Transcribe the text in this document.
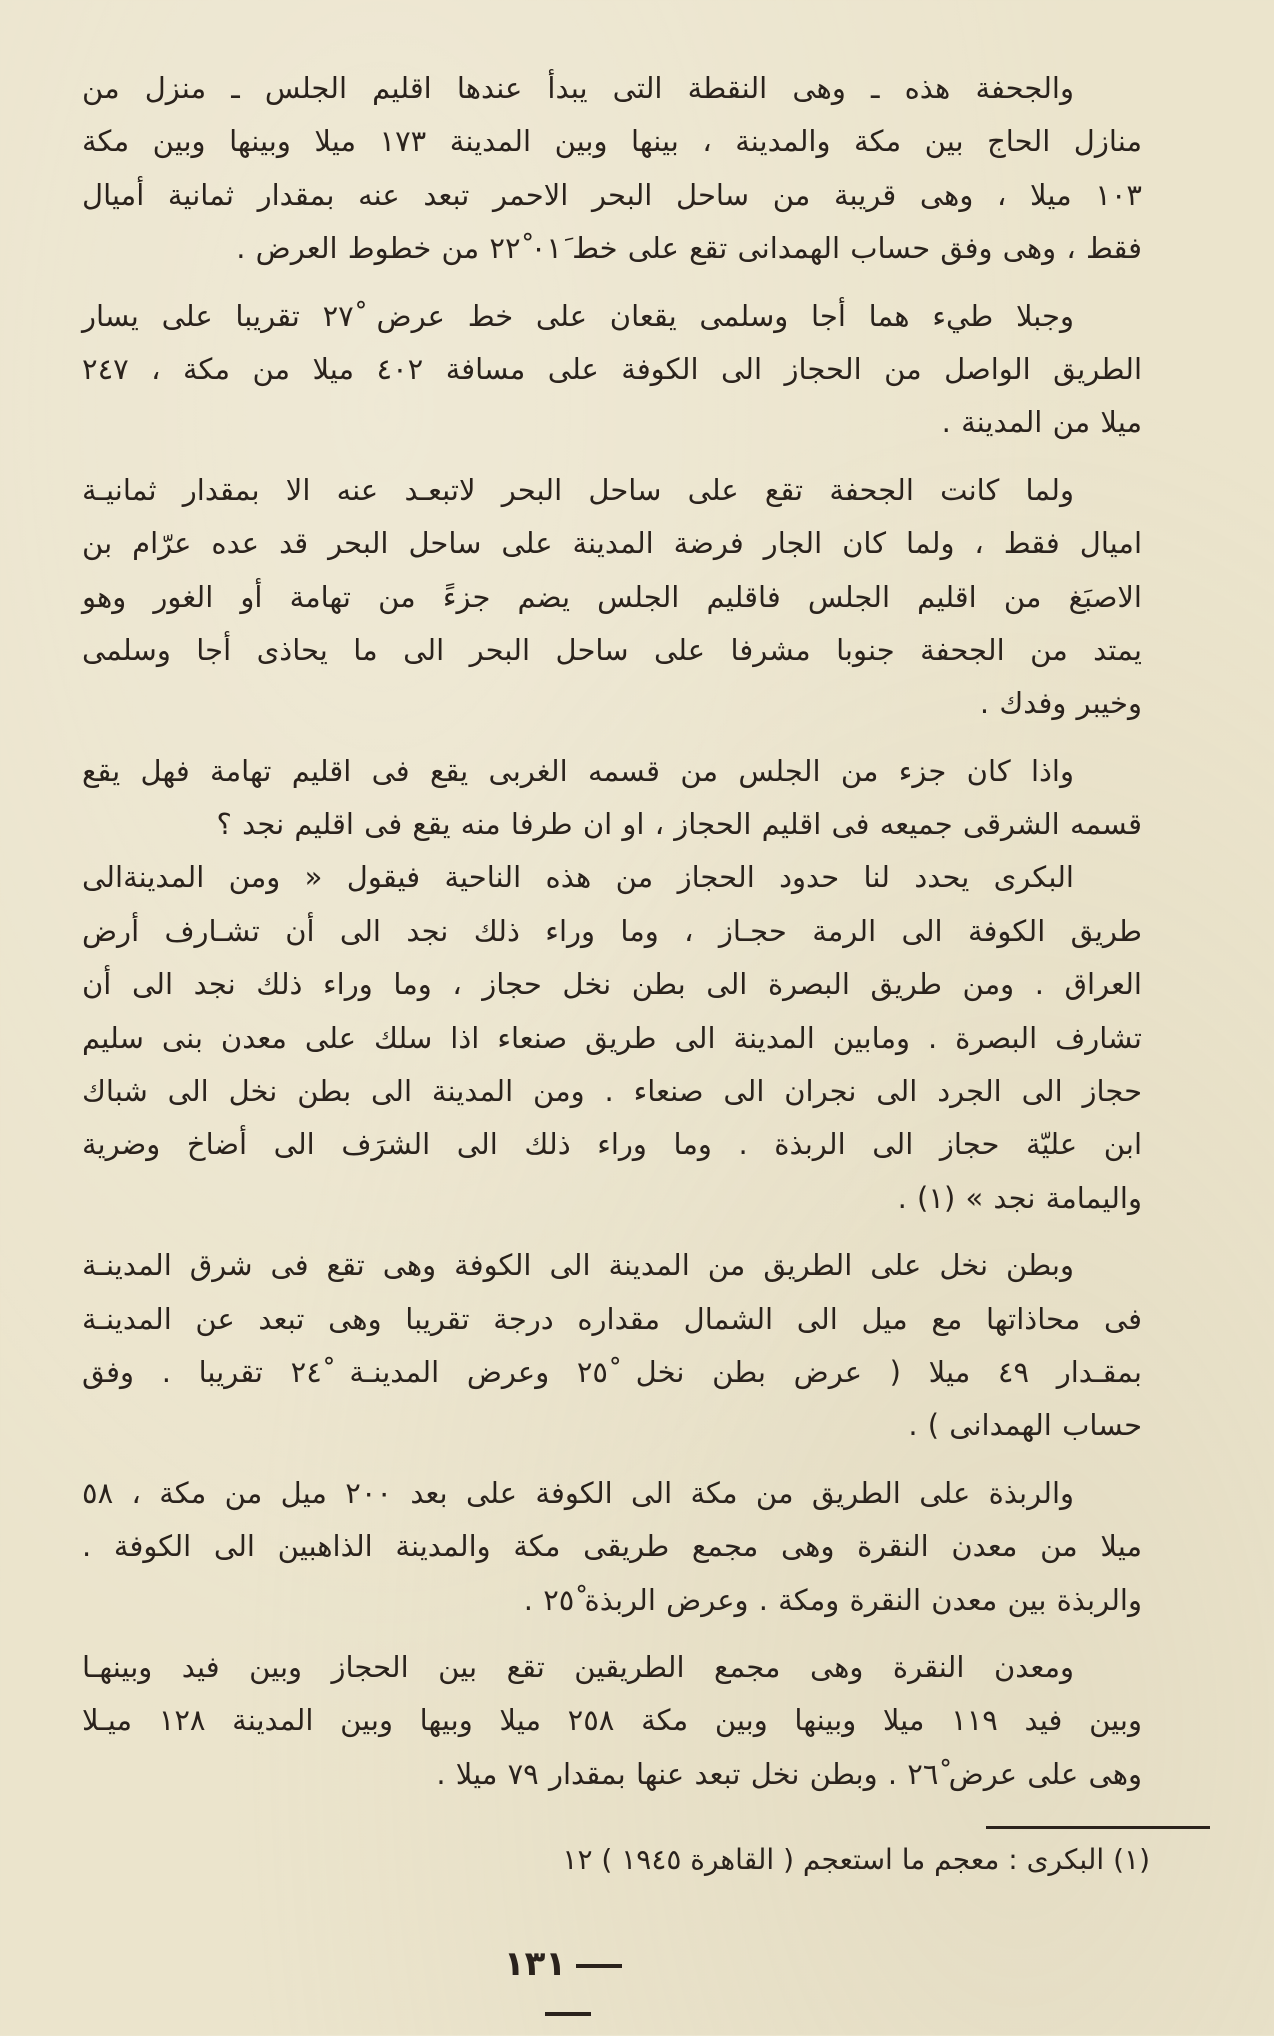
والجحفة هذه ـ وهى النقطة التى يبدأ عندها اقليم الجلس ـ منزل من
منازل الحاج بين مكة والمدينة ، بينها وبين المدينة ١٧٣ ميلا وبينها وبين مكة
١٠٣ ميلا ، وهى قريبة من ساحل البحر الاحمر تبعد عنه بمقدار ثمانية أميال
فقط ، وهى وفق حساب الهمدانى تقع على خط ٠١َ ٢٢ْ من خطوط العرض .

وجبلا طيء هما أجا وسلمى يقعان على خط عرض ٢٧ْ تقريبا على يسار
الطريق الواصل من الحجاز الى الكوفة على مسافة ٤٠٢ ميلا من مكة ، ٢٤٧
ميلا من المدينة .

ولما كانت الجحفة تقع على ساحل البحر لاتبعـد عنه الا بمقدار ثمانيـة
اميال فقط ، ولما كان الجار فرضة المدينة على ساحل البحر قد عده عرّام بن
الاصبَغ من اقليم الجلس فاقليم الجلس يضم جزءً من تهامة أو الغور وهو
يمتد من الجحفة جنوبا مشرفا على ساحل البحر الى ما يحاذى أجا وسلمى
وخيبر وفدك .

واذا كان جزء من الجلس من قسمه الغربى يقع فى اقليم تهامة فهل يقع
قسمه الشرقى جميعه فى اقليم الحجاز ، او ان طرفا منه يقع فى اقليم نجد ؟

البكرى يحدد لنا حدود الحجاز من هذه الناحية فيقول « ومن المدينةالى
طريق الكوفة الى الرمة حجـاز ، وما وراء ذلك نجد الى أن تشـارف أرض
العراق . ومن طريق البصرة الى بطن نخل حجاز ، وما وراء ذلك نجد الى أن
تشارف البصرة . ومابين المدينة الى طريق صنعاء اذا سلك على معدن بنى سليم
حجاز الى الجرد الى نجران الى صنعاء . ومن المدينة الى بطن نخل الى شباك
ابن عليّة حجاز الى الربذة . وما وراء ذلك الى الشرَف الى أضاخ وضرية
واليمامة نجد » (١) .

وبطن نخل على الطريق من المدينة الى الكوفة وهى تقع فى شرق المدينـة
فى محاذاتها مع ميل الى الشمال مقداره درجة تقريبا وهى تبعد عن المدينـة
بمقـدار ٤٩ ميلا ( عرض بطن نخل ٢٥ْ وعرض المدينـة ٢٤ْ تقريبا . وفق
حساب الهمدانى ) .

والربذة على الطريق من مكة الى الكوفة على بعد ٢٠٠ ميل من مكة ، ٥٨
ميلا من معدن النقرة وهى مجمع طريقى مكة والمدينة الذاهبين الى الكوفة .
والربذة بين معدن النقرة ومكة . وعرض الربذة ٢٥ْ .

ومعدن النقرة وهى مجمع الطريقين تقع بين الحجاز وبين فيد وبينهـا
وبين فيد ١١٩ ميلا وبينها وبين مكة ٢٥٨ ميلا وبيها وبين المدينة ١٢٨ ميـلا
وهى على عرض ٢٦ْ . وبطن نخل تبعد عنها بمقدار ٧٩ ميلا .

(١) البكرى : معجم ما استعجم ( القاهرة ١٩٤٥ ) ١٢
١٣١
